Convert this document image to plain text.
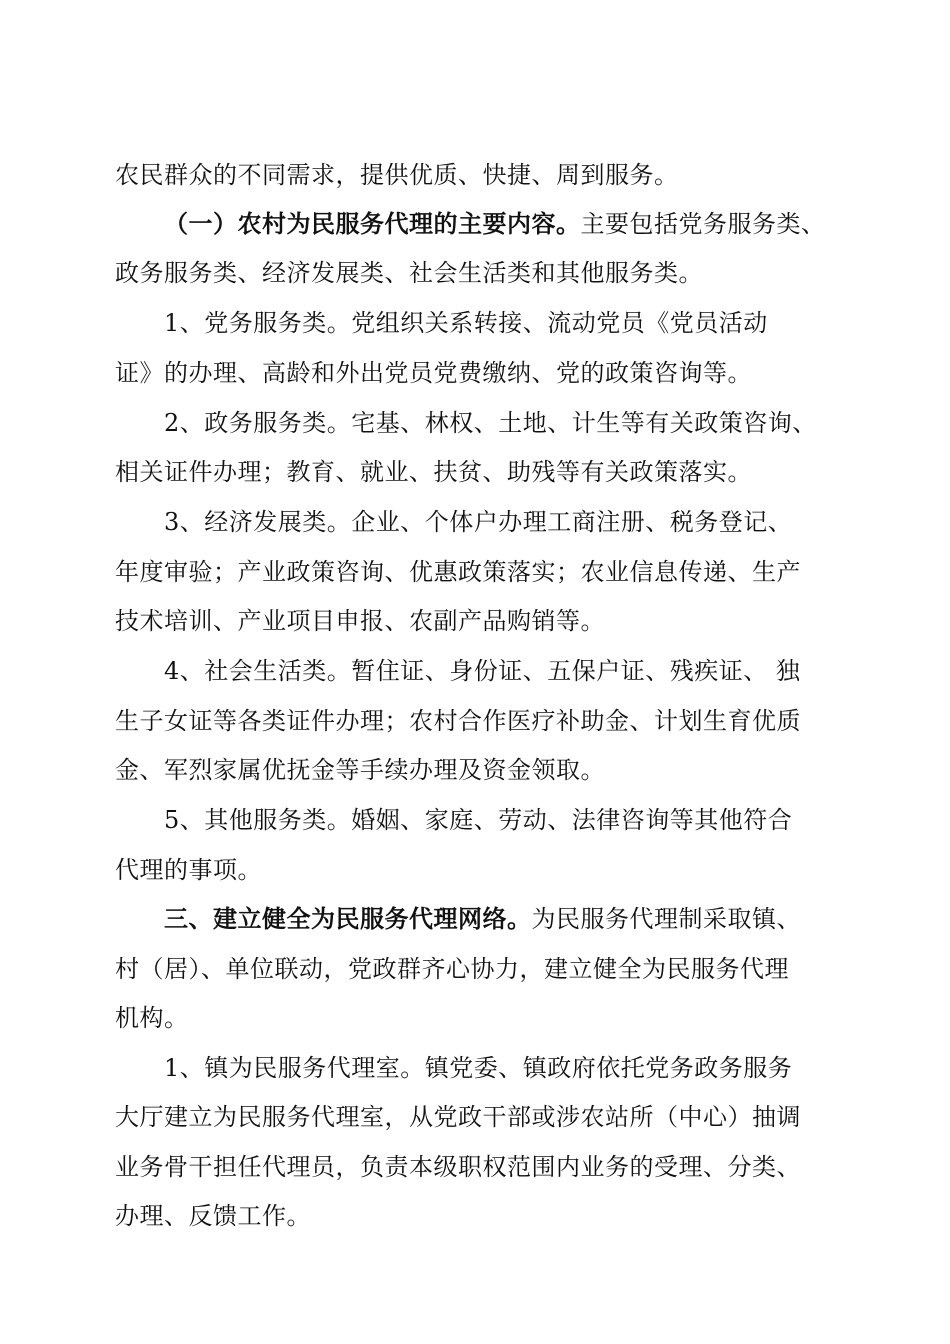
农民群众的不同需求，提供优质、快捷、周到服务。
（一）农村为民服务代理的主要内容。主要包括党务服务类、
政务服务类、经济发展类、社会生活类和其他服务类。
1、党务服务类。党组织关系转接、流动党员《党员活动
证》的办理、高龄和外出党员党费缴纳、党的政策咨询等。
2、政务服务类。宅基、林权、土地、计生等有关政策咨询、
相关证件办理；教育、就业、扶贫、助残等有关政策落实。
3、经济发展类。企业、个体户办理工商注册、税务登记、
年度审验；产业政策咨询、优惠政策落实；农业信息传递、生产
技术培训、产业项目申报、农副产品购销等。
4、社会生活类。暂住证、身份证、五保户证、残疾证、 独
生子女证等各类证件办理；农村合作医疗补助金、计划生育优质
金、军烈家属优抚金等手续办理及资金领取。
5、其他服务类。婚姻、家庭、劳动、法律咨询等其他符合
代理的事项。
三、建立健全为民服务代理网络。为民服务代理制采取镇、
村（居）、单位联动，党政群齐心协力，建立健全为民服务代理
机构。
1、镇为民服务代理室。镇党委、镇政府依托党务政务服务
大厅建立为民服务代理室，从党政干部或涉农站所（中心）抽调
业务骨干担任代理员，负责本级职权范围内业务的受理、分类、
办理、反馈工作。
